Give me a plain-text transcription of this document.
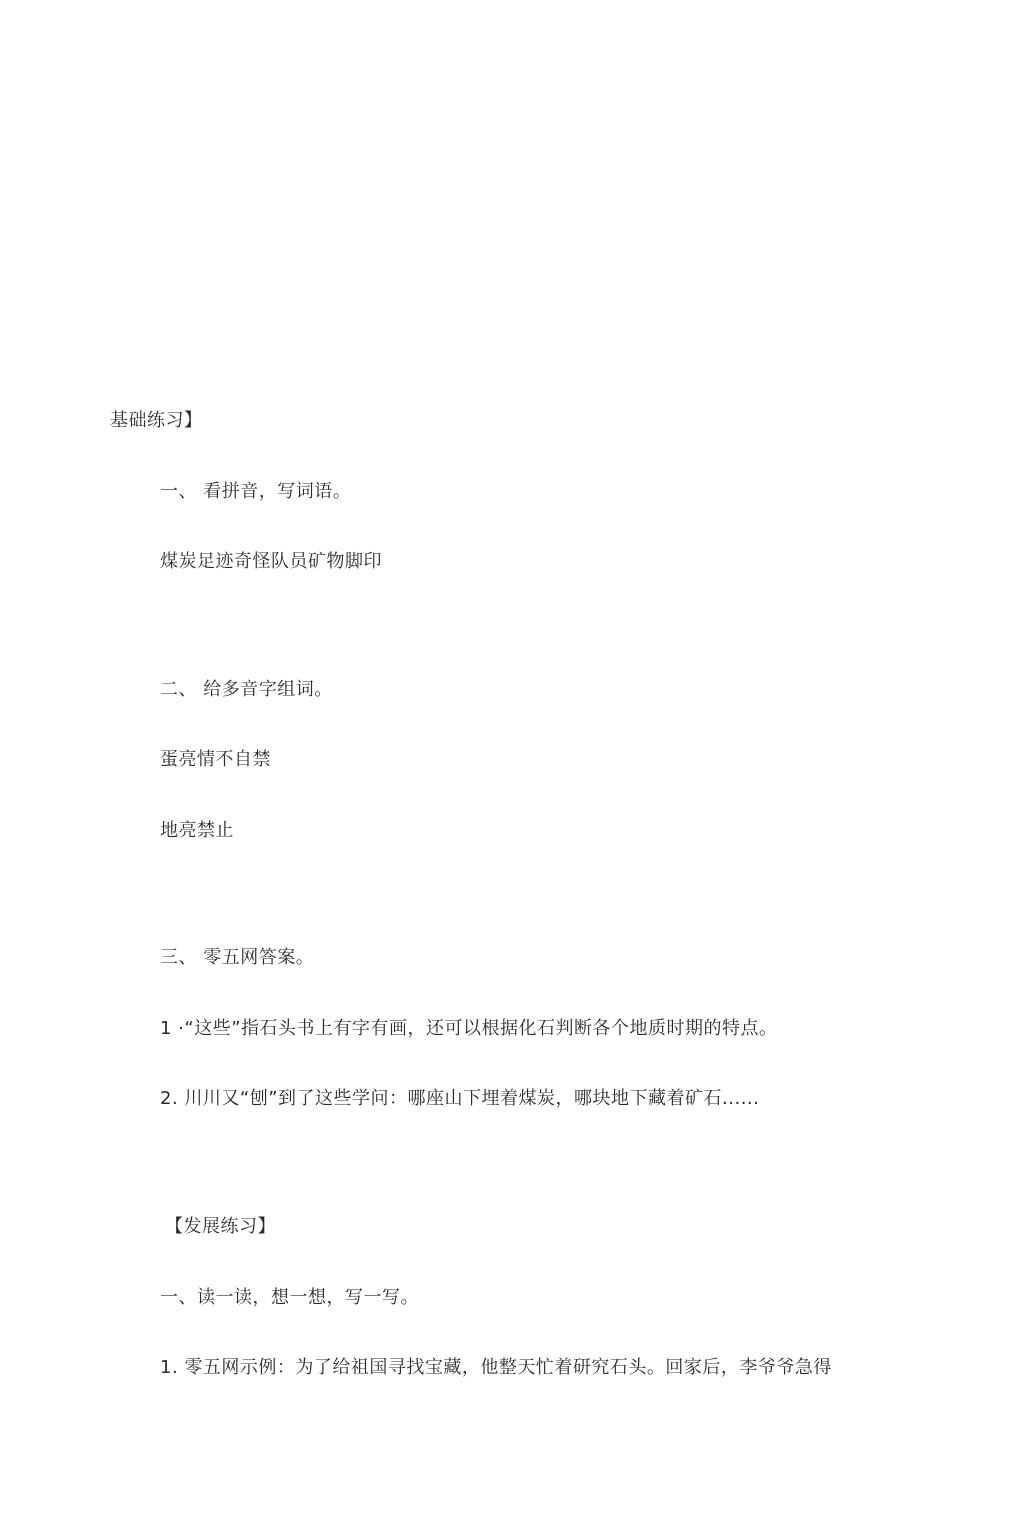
基础练习】
一、 看拼音，写词语。
煤炭足迹奇怪队员矿物脚印
二、 给多音字组词。
蛋亮情不自禁
地亮禁止
三、 零五网答案。
1 ·“这些”指石头书上有字有画，还可以根据化石判断各个地质时期的特点。
2. 川川又“刨”到了这些学问：哪座山下埋着煤炭，哪块地下藏着矿石......
【发展练习】
一、读一读，想一想，写一写。
1. 零五网示例：为了给祖国寻找宝藏，他整天忙着研究石头。回家后，李爷爷急得
